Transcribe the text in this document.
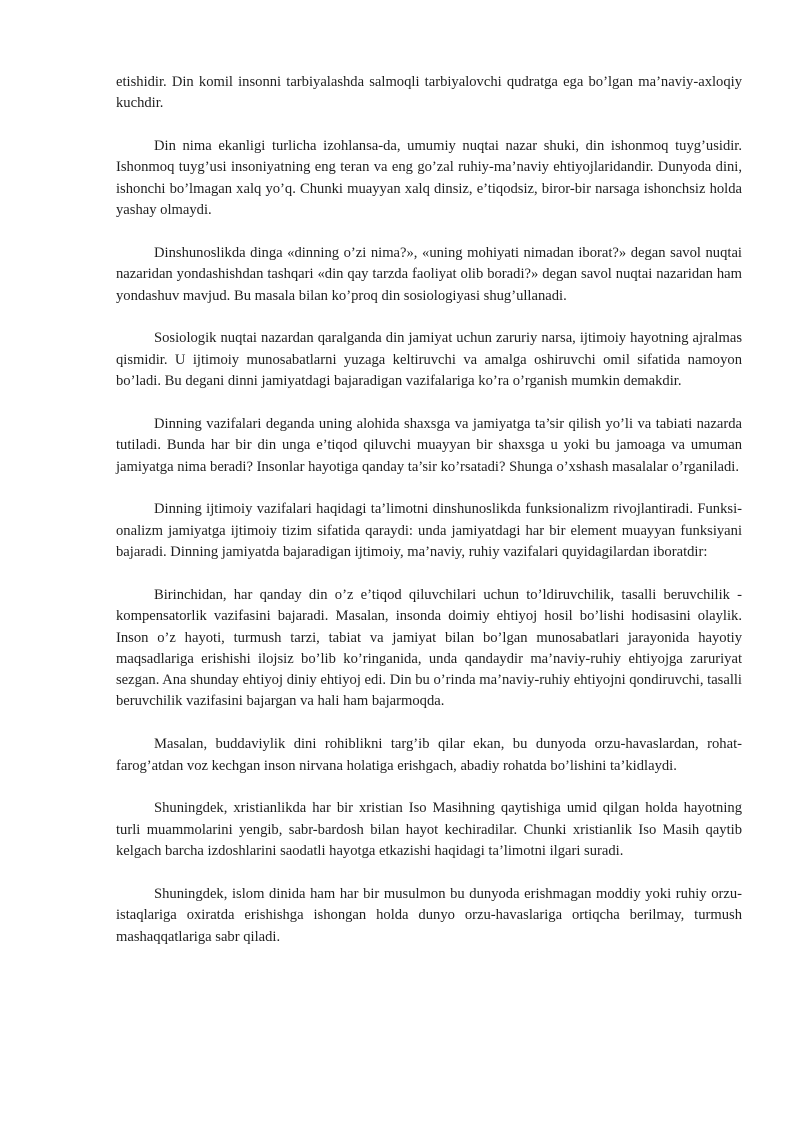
etishidir. Din komil insonni tarbiyalashda salmoqli tarbiyalovchi qudratga ega bo’lgan ma’naviy-axloqiy kuchdir.

Din nima ekanligi turlicha izohlansa-da, umumiy nuqtai nazar shuki, din ishonmoq tuyg’usidir. Ishonmoq tuyg’usi insoniyatning eng teran va eng go’zal ruhiy-ma’naviy ehtiyojlaridandir. Dunyoda dini, ishonchi bo’lmagan xalq yo’q. Chunki muayyan xalq dinsiz, e’tiqodsiz, biror-bir narsaga ishonchsiz holda yashay olmaydi.

Dinshunoslikda dinga «dinning o’zi nima?», «uning mohiyati nimadan iborat?» degan savol nuqtai nazaridan yondashishdan tashqari «din qay tarzda faoliyat olib boradi?» degan savol nuqtai nazaridan ham yondashuv mavjud. Bu masala bilan ko’proq din sosiologiyasi shug’ullanadi.

Sosiologik nuqtai nazardan qaralganda din jamiyat uchun zaruriy narsa, ijtimoiy hayotning ajralmas qismidir. U ijtimoiy munosabatlarni yuzaga keltiruvchi va amalga oshiruvchi omil sifatida namoyon bo’ladi. Bu degani dinni jamiyatdagi bajaradigan vazifalariga ko’ra o’rganish mumkin demakdir.

Dinning vazifalari deganda uning alohida shaxsga va jamiyatga ta’sir qilish yo’li va tabiati nazarda tutiladi. Bunda har bir din unga e’tiqod qiluvchi muayyan bir shaxsga u yoki bu jamoaga va umuman jamiyatga nima beradi? Insonlar hayotiga qanday ta’sir ko’rsatadi? Shunga o’xshash masalalar o’rganiladi.

Dinning ijtimoiy vazifalari haqidagi ta’limotni dinshunoslikda funksionalizm rivojlantiradi. Funksi-onalizm jamiyatga ijtimoiy tizim sifatida qaraydi: unda jamiyatdagi har bir element muayyan funksiyani bajaradi. Dinning jamiyatda bajaradigan ijtimoiy, ma’naviy, ruhiy vazifalari quyidagilardan iboratdir:

Birinchidan, har qanday din o’z e’tiqod qiluvchilari uchun to’ldiruvchilik, tasalli beruvchilik - kompensatorlik vazifasini bajaradi. Masalan, insonda doimiy ehtiyoj hosil bo’lishi hodisasini olaylik. Inson o’z hayoti, turmush tarzi, tabiat va jamiyat bilan bo’lgan munosabatlari jarayonida hayotiy maqsadlariga erishishi ilojsiz bo’lib ko’ringanida, unda qandaydir ma’naviy-ruhiy ehtiyojga zaruriyat sezgan. Ana shunday ehtiyoj diniy ehtiyoj edi. Din bu o’rinda ma’naviy-ruhiy ehtiyojni qondiruvchi, tasalli beruvchilik vazifasini bajargan va hali ham bajarmoqda.

Masalan, buddaviylik dini rohiblikni targ’ib qilar ekan, bu dunyoda orzu-havaslardan, rohat-farog’atdan voz kechgan inson nirvana holatiga erishgach, abadiy rohatda bo’lishini ta’kidlaydi.

Shuningdek, xristianlikda har bir xristian Iso Masihning qaytishiga umid qilgan holda hayotning turli muammolarini yengib, sabr-bardosh bilan hayot kechiradilar. Chunki xristianlik Iso Masih qaytib kelgach barcha izdoshlarini saodatli hayotga etkazishi haqidagi ta’limotni ilgari suradi.

Shuningdek, islom dinida ham har bir musulmon bu dunyoda erishmagan moddiy yoki ruhiy orzu-istaqlariga oxiratda erishishga ishongan holda dunyo orzu-havaslariga ortiqcha berilmay, turmush mashaqqatlariga sabr qiladi.
